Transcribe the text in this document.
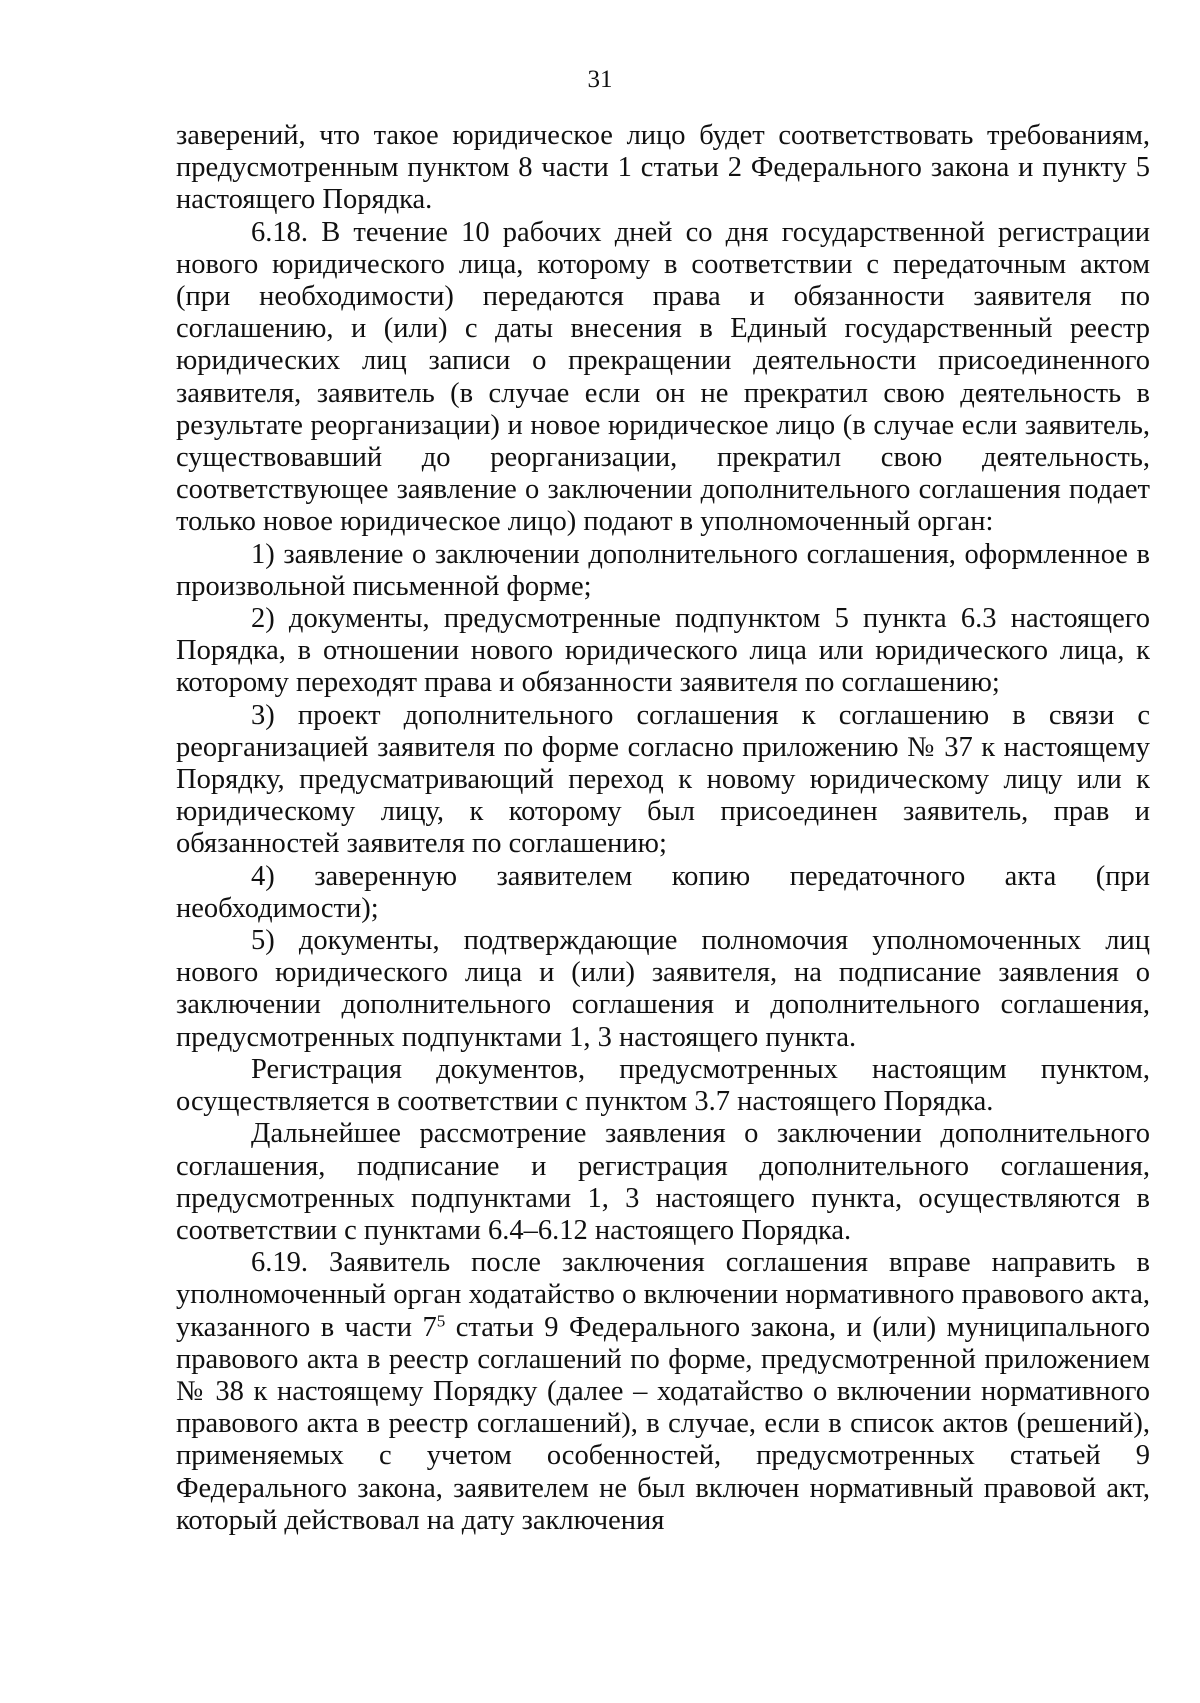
31

заверений, что такое юридическое лицо будет соответствовать требованиям, предусмотренным пунктом 8 части 1 статьи 2 Федерального закона и пункту 5 настоящего Порядка.

6.18. В течение 10 рабочих дней со дня государственной регистрации нового юридического лица, которому в соответствии с передаточным актом (при необходимости) передаются права и обязанности заявителя по соглашению, и (или) с даты внесения в Единый государственный реестр юридических лиц записи о прекращении деятельности присоединенного заявителя, заявитель (в случае если он не прекратил свою деятельность в результате реорганизации) и новое юридическое лицо (в случае если заявитель, существовавший до реорганизации, прекратил свою деятельность, соответствующее заявление о заключении дополнительного соглашения подает только новое юридическое лицо) подают в уполномоченный орган:

1) заявление о заключении дополнительного соглашения, оформленное в произвольной письменной форме;

2) документы, предусмотренные подпунктом 5 пункта 6.3 настоящего Порядка, в отношении нового юридического лица или юридического лица, к которому переходят права и обязанности заявителя по соглашению;

3) проект дополнительного соглашения к соглашению в связи с реорганизацией заявителя по форме согласно приложению № 37 к настоящему Порядку, предусматривающий переход к новому юридическому лицу или к юридическому лицу, к которому был присоединен заявитель, прав и обязанностей заявителя по соглашению;

4) заверенную заявителем копию передаточного акта (при необходимости);

5) документы, подтверждающие полномочия уполномоченных лиц нового юридического лица и (или) заявителя, на подписание заявления о заключении дополнительного соглашения и дополнительного соглашения, предусмотренных подпунктами 1, 3 настоящего пункта.

Регистрация документов, предусмотренных настоящим пунктом, осуществляется в соответствии с пунктом 3.7 настоящего Порядка.

Дальнейшее рассмотрение заявления о заключении дополнительного соглашения, подписание и регистрация дополнительного соглашения, предусмотренных подпунктами 1, 3 настоящего пункта, осуществляются в соответствии с пунктами 6.4–6.12 настоящего Порядка.

6.19. Заявитель после заключения соглашения вправе направить в уполномоченный орган ходатайство о включении нормативного правового акта, указанного в части $7^5$ статьи 9 Федерального закона, и (или) муниципального правового акта в реестр соглашений по форме, предусмотренной приложением № 38 к настоящему Порядку (далее – ходатайство о включении нормативного правового акта в реестр соглашений), в случае, если в список актов (решений), применяемых с учетом особенностей, предусмотренных статьей 9 Федерального закона, заявителем не был включен нормативный правовой акт, который действовал на дату заключения
